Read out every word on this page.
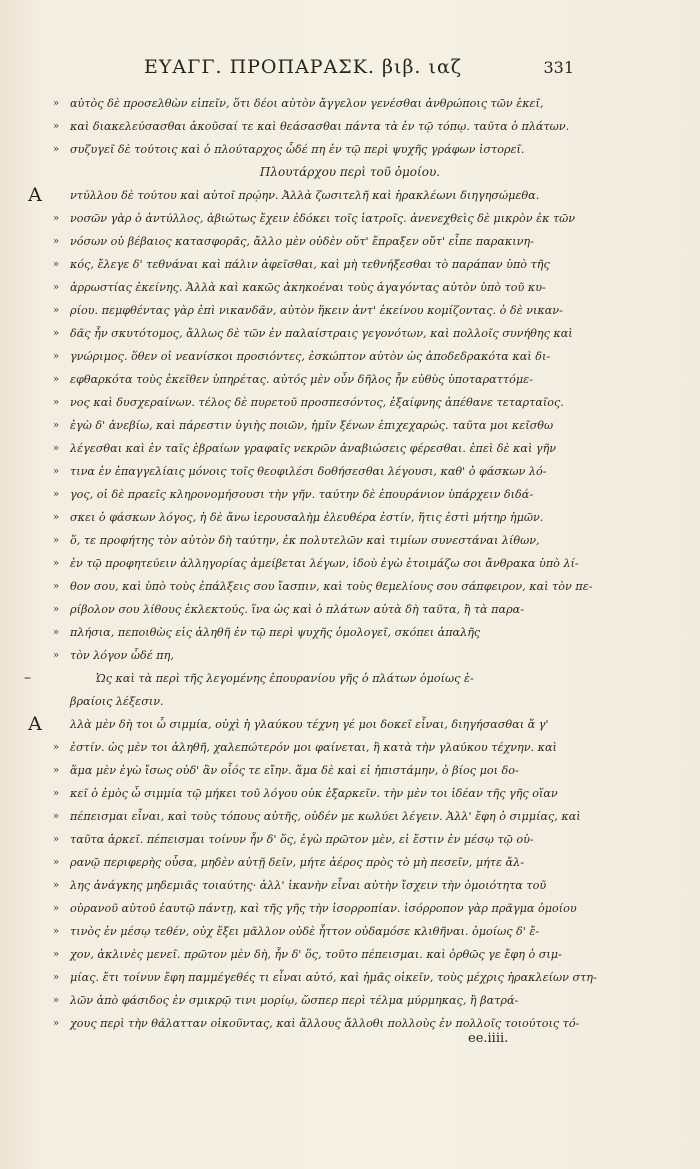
ΕΥΑΓΓ. ΠΡΟΠΑΡΑΣΚ. βιβ. ιαζ	331
» αὐτὸς δὲ προσελθὼν εἰπεῖν, ὅτι δέοι αὐτὸν ἄγγελον γενέσθαι ἀνθρώποις τῶν ἐκεῖ,
» καὶ διακελεύσασθαι ἀκοῦσαί τε καὶ θεάσασθαι πάντα τὰ ἐν τῷ τόπῳ. ταῦτα ὁ πλάτων.
» συζυγεῖ δὲ τούτοις καὶ ὁ πλούταρχος ὧδέ πη ἐν τῷ περὶ ψυχῆς γράφων ἱστορεῖ.
Πλουτάρχου περὶ τοῦ ὁμοίου.
Α	ντύλλου δὲ τούτου καὶ αὐτοῖ πρῴην. Ἀλλὰ ζωσιτελῆ καὶ ἡρακλέωνι διηγησώμεθα.
» νοσῶν γὰρ ὁ ἀντύλλος, ἀβιώτως ἔχειν ἐδόκει τοῖς ἰατροῖς. ἀνενεχθεὶς δὲ μικρὸν ἐκ τῶν
» νόσων οὐ βέβαιος κατασφορᾶς, ἄλλο μὲν οὐδὲν οὔτ' ἔπραξεν οὔτ' εἶπε παρακινη-
» κός, ἔλεγε δ' τεθνάναι καὶ πάλιν ἀφεῖσθαι, καὶ μὴ τεθνήξεσθαι τὸ παράπαν ὑπὸ τῆς
» ἀρρωστίας ἐκείνης. Ἀλλὰ καὶ κακῶς ἀκηκοέναι τοὺς ἀγαγόντας αὐτὸν ὑπὸ τοῦ κυ-
» ρίου. πεμφθέντας γὰρ ἐπὶ νικανδᾶν, αὐτὸν ἥκειν ἀντ' ἐκείνου κομίζοντας. ὁ δὲ νικαν-
» δᾶς ἦν σκυτότομος, ἄλλως δὲ τῶν ἐν παλαίστραις γεγονότων, καὶ πολλοῖς συνήθης καὶ
» γνώριμος. ὅθεν οἱ νεανίσκοι προσιόντες, ἐσκώπτον αὐτὸν ὡς ἀποδεδρακότα καὶ δι-
» εφθαρκότα τοὺς ἐκεῖθεν ὑπηρέτας. αὐτός μὲν οὖν δῆλος ἦν εὐθὺς ὑποταραττόμε-
» νος καὶ δυσχεραίνων. τέλος δὲ πυρετοῦ προσπεσόντος, ἐξαίφνης ἀπέθανε τεταρταῖος.
» ἐγὼ δ' ἀνεβίω, καὶ πάρεστιν ὑγιὴς ποιῶν, ἡμῖν ξένων ἐπιχεχαρώς. ταῦτα μοι κεῖσθω
» λέγεσθαι καὶ ἐν ταῖς ἑβραίων γραφαῖς νεκρῶν ἀναβιώσεις φέρεσθαι. ἐπεὶ δὲ καὶ γῆν
» τινα ἐν ἐπαγγελίαις μόνοις τοῖς θεοφιλέσι δοθήσεσθαι λέγουσι, καθ' ὁ φάσκων λό-
» γος, οἱ δὲ πραεῖς κληρονομήσουσι τὴν γῆν. ταύτην δὲ ἐπουράνιον ὑπάρχειν διδά-
» σκει ὁ φάσκων λόγος, ἡ δὲ ἄνω ἱερουσαλὴμ ἐλευθέρα ἐστίν, ἥτις ἐστὶ μήτηρ ἡμῶν.
» ὅ, τε προφήτης τὸν αὐτὸν δὴ ταύτην, ἐκ πολυτελῶν καὶ τιμίων συνεστάναι λίθων,
» ἐν τῷ προφητεύειν ἀλληγορίας ἀμείβεται λέγων, ἰδοὺ ἐγὼ ἑτοιμάζω σοι ἄνθρακα ὑπὸ λί-
» θον σου, καὶ ὑπὸ τοὺς ἐπάλξεις σου ἴασπιν, καὶ τοὺς θεμελίους σου σάπφειρον, καὶ τὸν πε-
» ρίβολον σου λίθους ἐκλεκτούς. ἵνα ὡς καὶ ὁ πλάτων αὐτὰ δὴ ταῦτα, ἢ τὰ παρα-
» πλήσια, πεποιθὼς εἰς ἀληθῆ ἐν τῷ περὶ ψυχῆς ὁμολογεῖ, σκόπει ἀπαλῆς
» τὸν λόγον ὧδέ πη,
–	Ὡς καὶ τὰ περὶ τῆς λεγομένης ἐπουρανίου γῆς ὁ πλάτων ὁμοίως ἑ-
βραίοις λέξεσιν.
Α	λλὰ μὲν δὴ τοι ὦ σιμμία, οὐχὶ ἡ γλαύκου τέχνη γέ μοι δοκεῖ εἶναι, διηγήσασθαι ἅ γ'
» ἐστίν. ὡς μὲν τοι ἀληθῆ, χαλεπώτερόν μοι φαίνεται, ἢ κατὰ τὴν γλαύκου τέχνην. καὶ
» ἅμα μὲν ἐγὼ ἴσως οὐδ' ἂν οἷός τε εἴην. ἅμα δὲ καὶ εἰ ἠπιστάμην, ὁ βίος μοι δο-
» κεῖ ὁ ἐμὸς ὦ σιμμία τῷ μήκει τοῦ λόγου οὐκ ἐξαρκεῖν. τὴν μὲν τοι ἰδέαν τῆς γῆς οἵαν
» πέπεισμαι εἶναι, καὶ τοὺς τόπους αὐτῆς, οὐδέν με κωλύει λέγειν. Ἀλλ' ἔφη ὁ σιμμίας, καὶ
» ταῦτα ἀρκεῖ. πέπεισμαι τοίνυν ἦν δ' ὅς, ἐγὼ πρῶτον μὲν, εἰ ἔστιν ἐν μέσῳ τῷ οὐ-
» ρανῷ περιφερὴς οὖσα, μηδὲν αὐτῇ δεῖν, μήτε ἀέρος πρὸς τὸ μὴ πεσεῖν, μήτε ἄλ-
» λης ἀνάγκης μηδεμιᾶς τοιαύτης· ἀλλ' ἱκανὴν εἶναι αὐτὴν ἴσχειν τὴν ὁμοιότητα τοῦ
» οὐρανοῦ αὐτοῦ ἑαυτῷ πάντῃ, καὶ τῆς γῆς τὴν ἰσορροπίαν. ἰσόρροπον γὰρ πρᾶγμα ὁμοίου
» τινὸς ἐν μέσῳ τεθέν, οὐχ ἕξει μᾶλλον οὐδὲ ἧττον οὐδαμόσε κλιθῆναι. ὁμοίως δ' ἔ-
» χον, ἀκλινὲς μενεῖ. πρῶτον μὲν δὴ, ἦν δ' ὅς, τοῦτο πέπεισμαι. καὶ ὀρθῶς γε ἔφη ὁ σιμ-
» μίας. ἔτι τοίνυν ἔφη παμμέγεθές τι εἶναι αὐτό, καὶ ἡμᾶς οἰκεῖν, τοὺς μέχρις ἡρακλείων στη-
» λῶν ἀπὸ φάσιδος ἐν σμικρῷ τινι μορίῳ, ὥσπερ περὶ τέλμα μύρμηκας, ἢ βατρά-
» χους περὶ τὴν θάλατταν οἰκοῦντας, καὶ ἄλλους ἄλλοθι πολλοὺς ἐν πολλοῖς τοιούτοις τό-
ee.iiii.
